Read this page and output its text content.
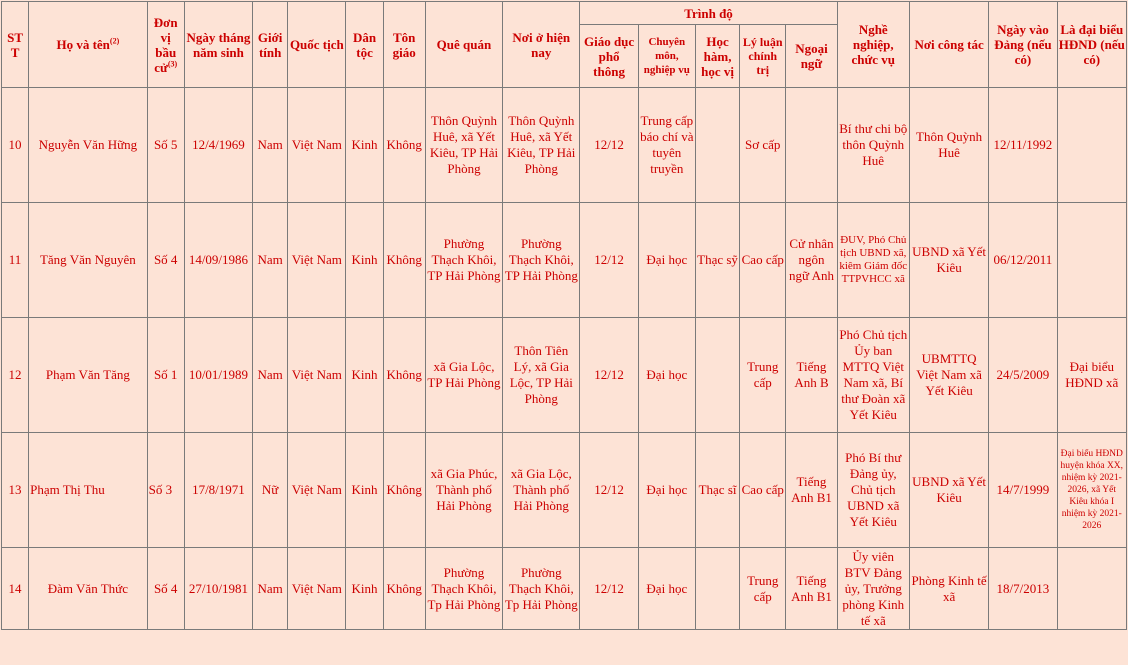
STT	Họ và tên$^{(2)}$	Đơn vị bầu cử$^{(3)}$	Ngày tháng năm sinh	Giới tính	Quốc tịch	Dân tộc	Tôn giáo	Quê quán	Nơi ở hiện nay	Trình độ					Nghề nghiệp, chức vụ	Nơi công tác	Ngày vào Đảng (nếu có)	Là đại biểu HĐND (nếu có)
										Giáo dục phổ thông	Chuyên môn, nghiệp vụ	Học hàm, học vị	Lý luận chính trị	Ngoại ngữ				
10	Nguyễn Văn Hững	Số 5	12/4/1969	Nam	Việt Nam	Kinh	Không	Thôn Quỳnh Huê, xã Yết Kiêu, TP Hải Phòng	Thôn Quỳnh Huê, xã Yết Kiêu, TP Hải Phòng	12/12	Trung cấp báo chí và tuyên truyền		Sơ cấp		Bí thư chi bộ thôn Quỳnh Huê	Thôn Quỳnh Huê	12/11/1992	
11	Tăng Văn Nguyên	Số 4	14/09/1986	Nam	Việt Nam	Kinh	Không	Phường Thạch Khôi, TP Hải Phòng	Phường Thạch Khôi, TP Hải Phòng	12/12	Đại học	Thạc sỹ	Cao cấp	Cử nhân ngôn ngữ Anh	ĐUV, Phó Chủ tịch UBND xã, kiêm Giám đốc TTPVHCC xã	UBND xã Yết Kiêu	06/12/2011	
12	Phạm Văn Tăng	Số 1	10/01/1989	Nam	Việt Nam	Kinh	Không	xã Gia Lộc, TP Hải Phòng	Thôn Tiên Lý, xã Gia Lộc, TP Hải Phòng	12/12	Đại học		Trung cấp	Tiếng Anh B	Phó Chủ tịch Ủy ban MTTQ Việt Nam xã, Bí thư Đoàn xã Yết Kiêu	UBMTTQ Việt Nam xã Yết Kiêu	24/5/2009	Đại biểu HĐND xã
13	Phạm Thị Thu	Số 3	17/8/1971	Nữ	Việt Nam	Kinh	Không	xã Gia Phúc, Thành phố Hải Phòng	xã Gia Lộc, Thành phố Hải Phòng	12/12	Đại học	Thạc sĩ	Cao cấp	Tiếng Anh B1	Phó Bí thư Đảng ủy, Chủ tịch UBND xã Yết Kiêu	UBND xã Yết Kiêu	14/7/1999	Đại biểu HĐND huyện khóa XX, nhiệm kỳ 2021-2026, xã Yết Kiêu khóa I nhiệm kỳ 2021-2026
14	Đàm Văn Thức	Số 4	27/10/1981	Nam	Việt Nam	Kinh	Không	Phường Thạch Khôi, Tp Hải Phòng	Phường Thạch Khôi, Tp Hải Phòng	12/12	Đại học		Trung cấp	Tiếng Anh B1	Ủy viên BTV Đảng ủy, Trưởng phòng Kinh tế xã	Phòng Kinh tế xã	18/7/2013	
